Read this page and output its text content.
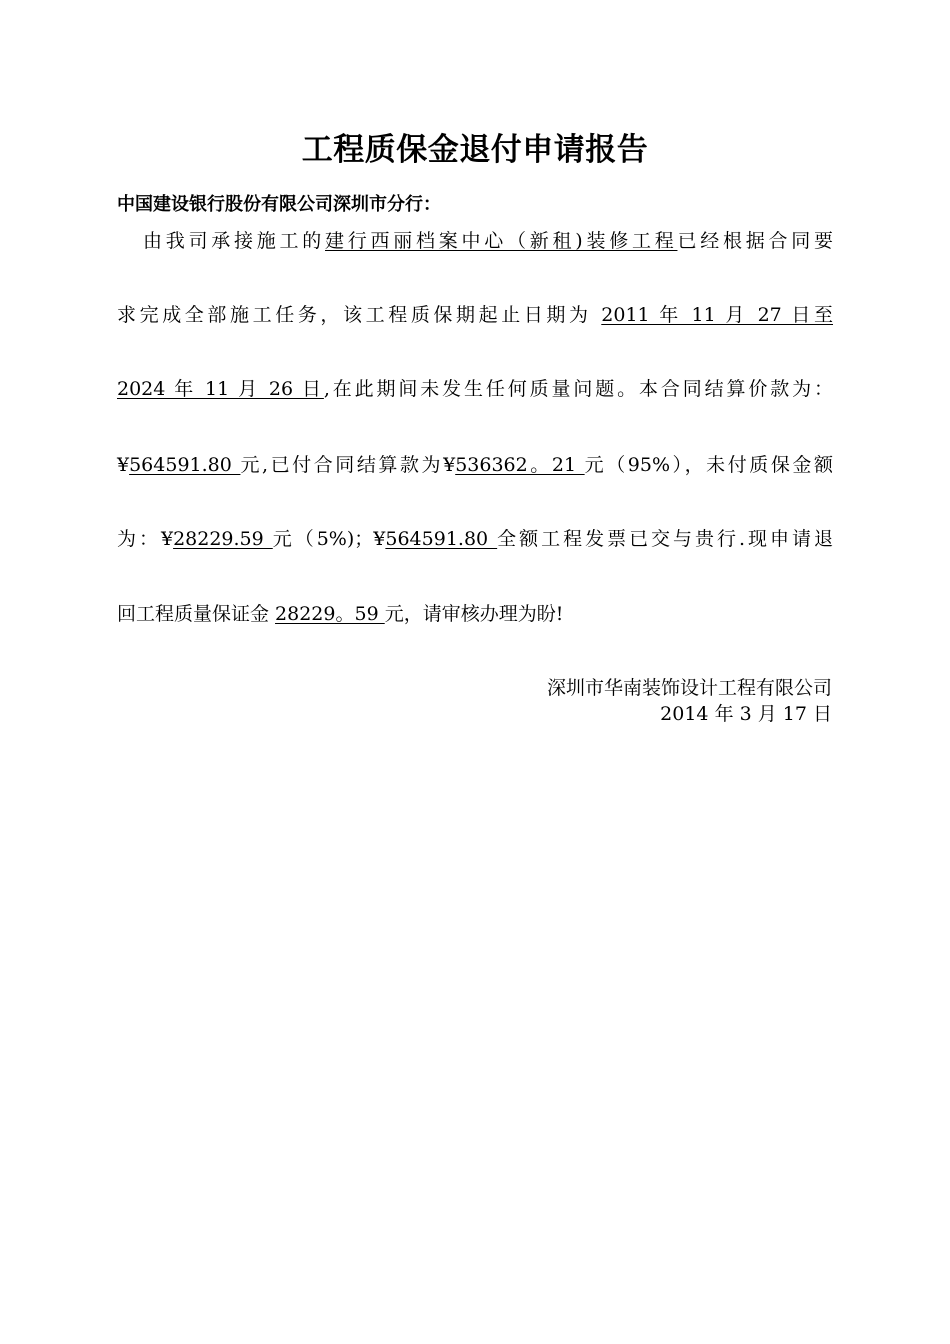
工程质保金退付申请报告
中国建设银行股份有限公司深圳市分行：
由我司承接施工的建行西丽档案中心（新租)装修工程已经根据合同要
求完成全部施工任务，该工程质保期起止日期为 2011 年 11 月 27 日至
2024 年 11 月 26 日,在此期间未发生任何质量问题。本合同结算价款为：
¥564591.80 元,已付合同结算款为¥536362。21 元（95%），未付质保金额
为：¥28229.59 元（5%)；¥564591.80 全额工程发票已交与贵行.现申请退
回工程质量保证金 28229。59 元，请审核办理为盼!
深圳市华南装饰设计工程有限公司
2014 年 3 月 17 日
